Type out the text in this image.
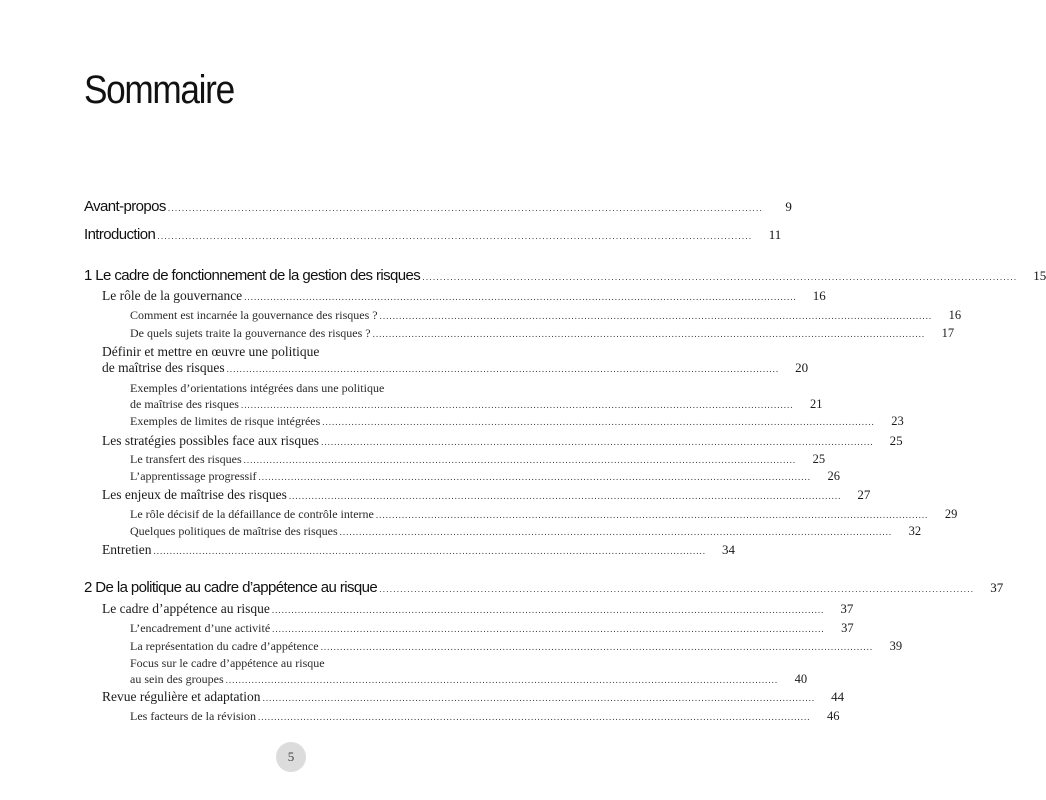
Sommaire
Avant-propos ..........................................................................................................................................................................	9
Introduction ..........................................................................................................................................................................	11
1 Le cadre de fonctionnement de la gestion des risques ..........................................................................................................................................................................	15
Le rôle de la gouvernance ..........................................................................................................................................................................	16
Comment est incarnée la gouvernance des risques ? ..........................................................................................................................................................................	16
De quels sujets traite la gouvernance des risques ? ..........................................................................................................................................................................	17
Définir et mettre en œuvre une politique
de maîtrise des risques ..........................................................................................................................................................................	20
Exemples d’orientations intégrées dans une politique
de maîtrise des risques ..........................................................................................................................................................................	21
Exemples de limites de risque intégrées ..........................................................................................................................................................................	23
Les stratégies possibles face aux risques ..........................................................................................................................................................................	25
Le transfert des risques ..........................................................................................................................................................................	25
L’apprentissage progressif ..........................................................................................................................................................................	26
Les enjeux de maîtrise des risques ..........................................................................................................................................................................	27
Le rôle décisif de la défaillance de contrôle interne ..........................................................................................................................................................................	29
Quelques politiques de maîtrise des risques ..........................................................................................................................................................................	32
Entretien ..........................................................................................................................................................................	34
2 De la politique au cadre d’appétence au risque ..........................................................................................................................................................................	37
Le cadre d’appétence au risque ..........................................................................................................................................................................	37
L’encadrement d’une activité ..........................................................................................................................................................................	37
La représentation du cadre d’appétence ..........................................................................................................................................................................	39
Focus sur le cadre d’appétence au risque
au sein des groupes ..........................................................................................................................................................................	40
Revue régulière et adaptation ..........................................................................................................................................................................	44
Les facteurs de la révision ..........................................................................................................................................................................	46
5
